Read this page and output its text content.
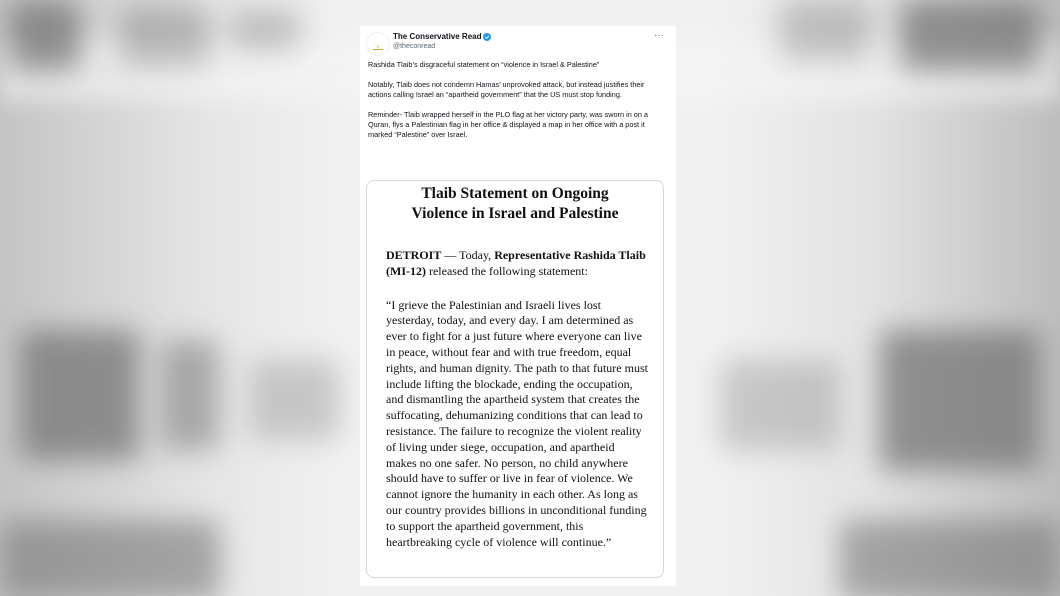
The Conservative Read
@theconread
···

Rashida Tlaib’s disgraceful statement on “violence in Israel & Palestine”

Notably, Tlaib does not condemn Hamas’ unprovoked attack, but instead justifies their actions calling Israel an “apartheid government” that the US must stop funding.

Reminder- Tlaib wrapped herself in the PLO flag at her victory party, was sworn in on a Quran, flys a Palestinian flag in her office & displayed a map in her office with a post it marked “Palestine” over Israel.

Tlaib Statement on Ongoing
Violence in Israel and Palestine
DETROIT — Today, Representative Rashida Tlaib (MI-12) released the following statement:
“I grieve the Palestinian and Israeli lives lost yesterday, today, and every day. I am determined as ever to fight for a just future where everyone can live in peace, without fear and with true freedom, equal rights, and human dignity. The path to that future must include lifting the blockade, ending the occupation, and dismantling the apartheid system that creates the suffocating, dehumanizing conditions that can lead to resistance. The failure to recognize the violent reality of living under siege, occupation, and apartheid makes no one safer. No person, no child anywhere should have to suffer or live in fear of violence. We cannot ignore the humanity in each other. As long as our country provides billions in unconditional funding to support the apartheid government, this heartbreaking cycle of violence will continue.”
